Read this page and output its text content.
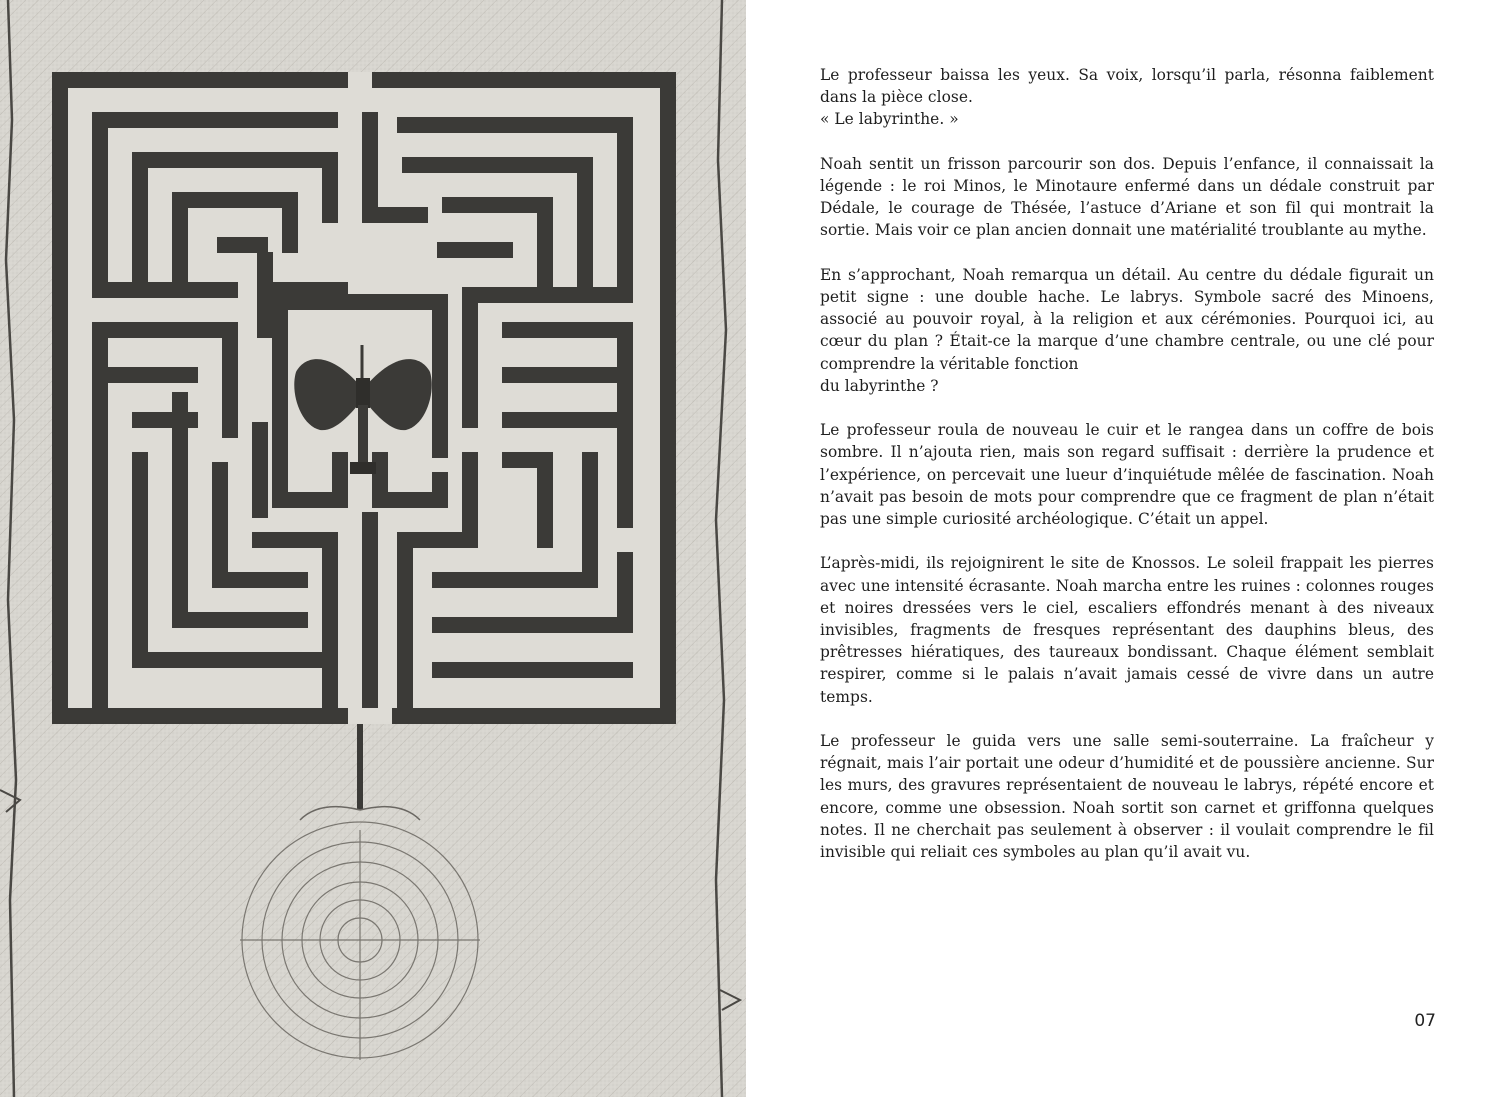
Le professeur baissa les yeux. Sa voix, lorsqu’il parla, résonna faiblement dans la pièce close.
« Le labyrinthe. »

Noah sentit un frisson parcourir son dos. Depuis l’enfance, il connaissait la légende : le roi Minos, le Minotaure enfermé dans un dédale construit par Dédale, le courage de Thésée, l’astuce d’Ariane et son fil qui montrait la sortie. Mais voir ce plan ancien donnait une matérialité troublante au mythe.

En s’approchant, Noah remarqua un détail. Au centre du dédale figurait un petit signe : une double hache. Le labrys. Symbole sacré des Minoens, associé au pouvoir royal, à la religion et aux cérémonies. Pourquoi ici, au cœur du plan ? Était-ce la marque d’une chambre centrale, ou une clé pour comprendre la véritable fonction
du labyrinthe ?

Le professeur roula de nouveau le cuir et le rangea dans un coffre de bois sombre. Il n’ajouta rien, mais son regard suffisait : derrière la prudence et l’expérience, on percevait une lueur d’inquiétude mêlée de fascination. Noah n’avait pas besoin de mots pour comprendre que ce fragment de plan n’était pas une simple curiosité archéologique. C’était un appel.

L’après-midi, ils rejoignirent le site de Knossos. Le soleil frappait les pierres avec une intensité écrasante. Noah marcha entre les ruines : colonnes rouges et noires dressées vers le ciel, escaliers effondrés menant à des niveaux invisibles, fragments de fresques représentant des dauphins bleus, des prêtresses hiératiques, des taureaux bondissant. Chaque élément semblait respirer, comme si le palais n’avait jamais cessé de vivre dans un autre temps.

Le professeur le guida vers une salle semi-souterraine. La fraîcheur y régnait, mais l’air portait une odeur d’humidité et de poussière ancienne. Sur les murs, des gravures représentaient de nouveau le labrys, répété encore et encore, comme une obsession. Noah sortit son carnet et griffonna quelques notes. Il ne cherchait pas seulement à observer : il voulait comprendre le fil invisible qui reliait ces symboles au plan qu’il avait vu.

07
